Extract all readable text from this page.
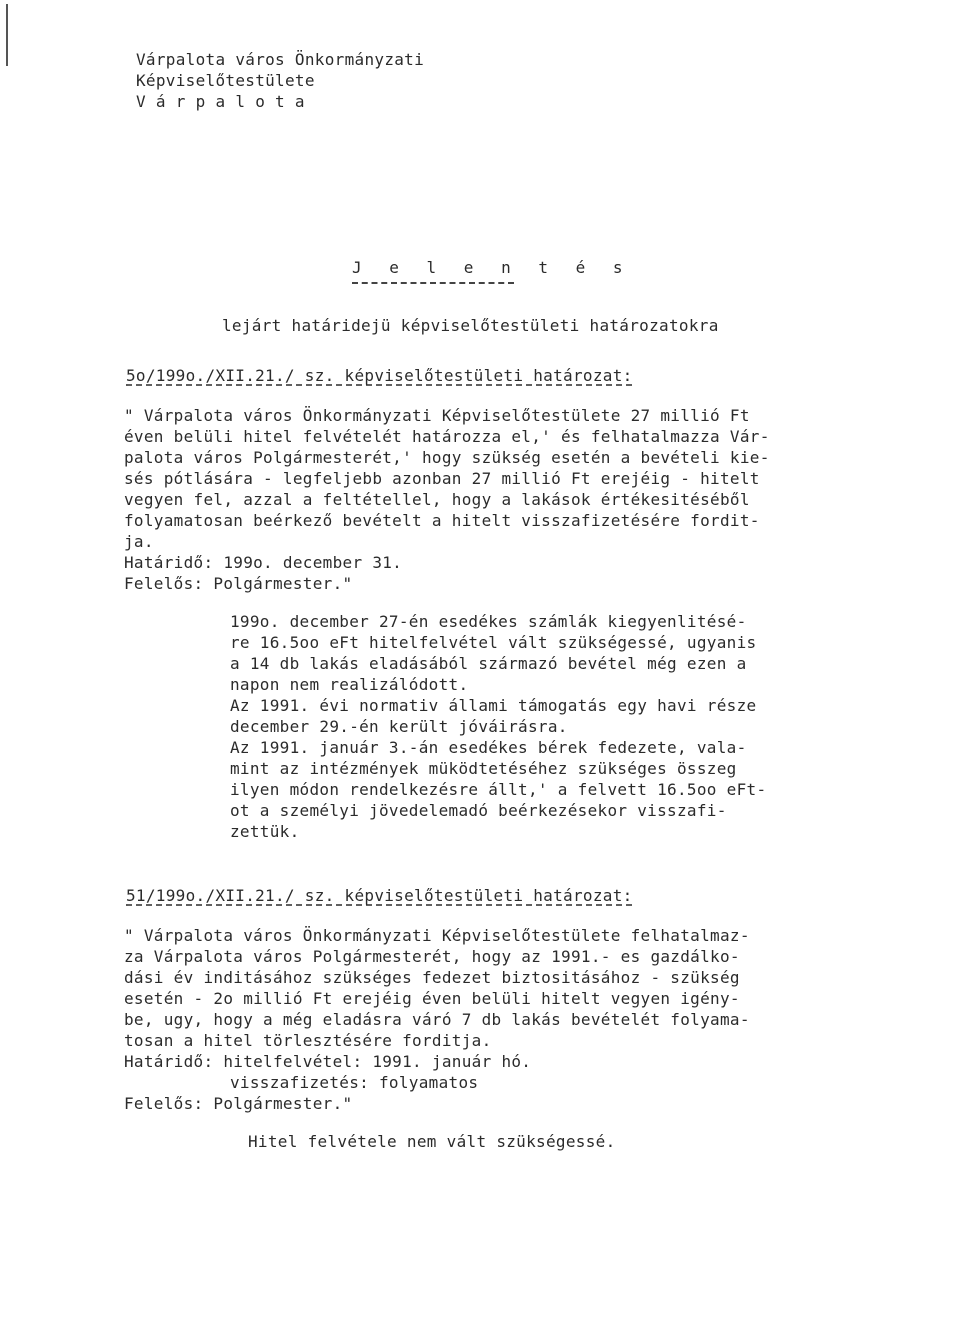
Várpalota város Önkormányzati
Képviselőtestülete
V á r p a l o t a
J e l e n t é s
lejárt határidejü képviselőtestületi határozatokra
5o/199o./XII.21./ sz. képviselőtestületi határozat:
" Várpalota város Önkormányzati Képviselőtestülete 27 millió Ft
éven belüli hitel felvételét határozza el,' és felhatalmazza Vár-
palota város Polgármesterét,' hogy szükség esetén a bevételi kie-
sés pótlására - legfeljebb azonban 27 millió Ft erejéig - hitelt
vegyen fel, azzal a feltétellel, hogy a lakások értékesitéséből
folyamatosan beérkező bevételt a hitelt visszafizetésére fordit-
ja.
Határidő: 199o. december 31.
Felelős: Polgármester."
199o. december 27-én esedékes számlák kiegyenlitésé-
re 16.5oo eFt hitelfelvétel vált szükségessé, ugyanis
a 14 db lakás eladásából származó bevétel még ezen a
napon nem realizálódott.
Az 1991. évi normativ állami támogatás egy havi része
december 29.-én került jóváirásra.
Az 1991. január 3.-án esedékes bérek fedezete, vala-
mint az intézmények müködtetéséhez szükséges összeg
ilyen módon rendelkezésre állt,' a felvett 16.5oo eFt-
ot a személyi jövedelemadó beérkezésekor visszafi-
zettük.
51/199o./XII.21./ sz. képviselőtestületi határozat:
" Várpalota város Önkormányzati Képviselőtestülete felhatalmaz-
za Várpalota város Polgármesterét, hogy az 1991.- es gazdálko-
dási év inditásához szükséges fedezet biztositásához - szükség
esetén - 2o millió Ft erejéig éven belüli hitelt vegyen igény-
be, ugy, hogy a még eladásra váró 7 db lakás bevételét folyama-
tosan a hitel törlesztésére forditja.
Határidő: hitelfelvétel: 1991. január hó.
visszafizetés: folyamatos
Felelős: Polgármester."
Hitel felvétele nem vált szükségessé.
